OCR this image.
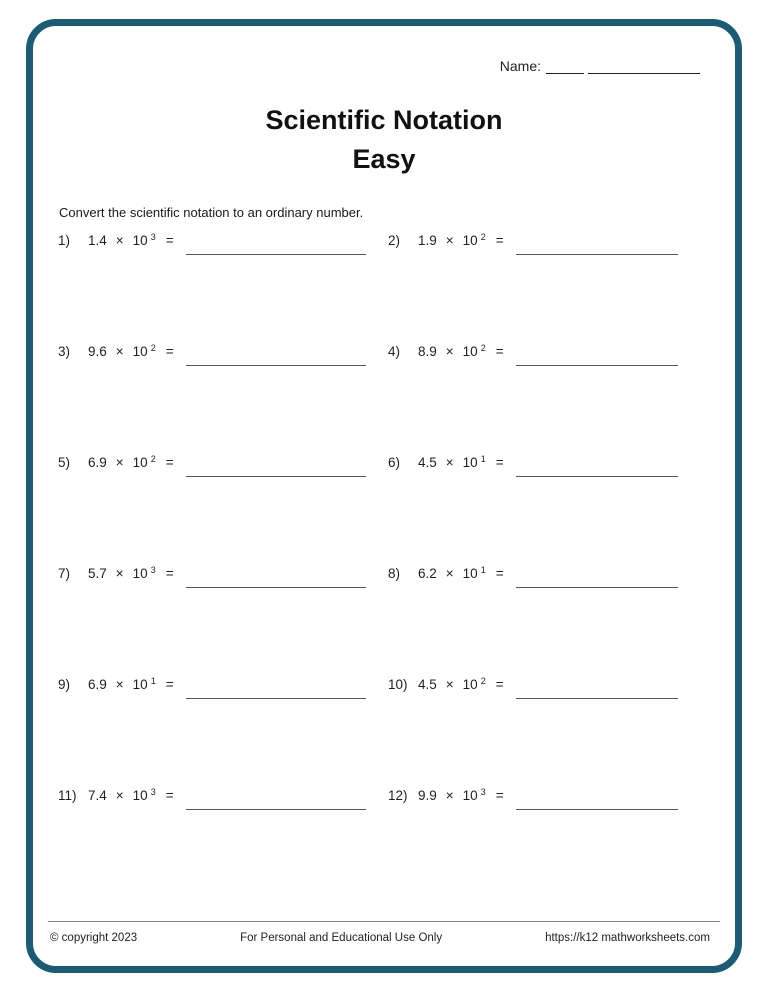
Name:
Scientific Notation
Easy
Convert the scientific notation to an ordinary number.
1)	1.4 × 10 $^3$ =	2)	1.9 × 10 $^2$ =
3)	9.6 × 10 $^2$ =	4)	8.9 × 10 $^2$ =
5)	6.9 × 10 $^2$ =	6)	4.5 × 10 $^1$ =
7)	5.7 × 10 $^3$ =	8)	6.2 × 10 $^1$ =
9)	6.9 × 10 $^1$ =	10) 4.5 × 10 $^2$ =
11) 7.4 × 10 $^3$ =	12) 9.9 × 10 $^3$ =
© copyright 2023	For Personal and Educational Use Only	https://k12 mathworksheets.com
